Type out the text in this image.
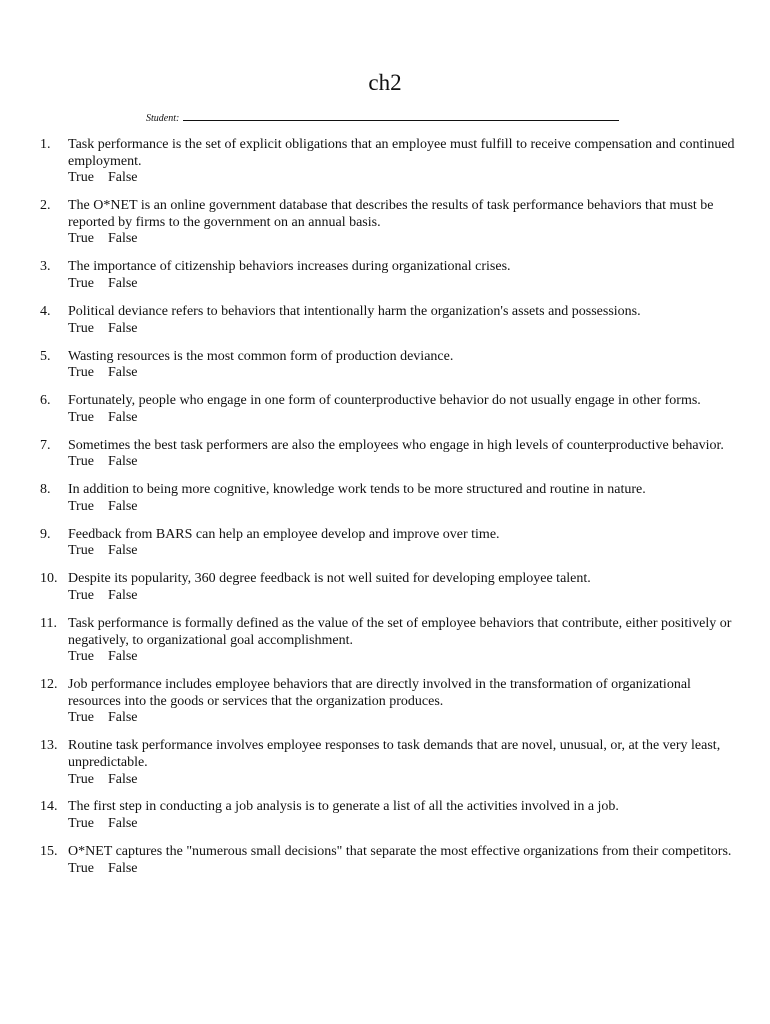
ch2
Student:
1.	Task performance is the set of explicit obligations that an employee must fulfill to receive compensation and continued employment.
True False
2.	The O*NET is an online government database that describes the results of task performance behaviors that must be reported by firms to the government on an annual basis.
True False
3.	The importance of citizenship behaviors increases during organizational crises.
True False
4.	Political deviance refers to behaviors that intentionally harm the organization's assets and possessions.
True False
5.	Wasting resources is the most common form of production deviance.
True False
6.	Fortunately, people who engage in one form of counterproductive behavior do not usually engage in other forms.
True False
7.	Sometimes the best task performers are also the employees who engage in high levels of counterproductive behavior.
True False
8.	In addition to being more cognitive, knowledge work tends to be more structured and routine in nature.
True False
9.	Feedback from BARS can help an employee develop and improve over time.
True False
10. Despite its popularity, 360 degree feedback is not well suited for developing employee talent.
True False
11. Task performance is formally defined as the value of the set of employee behaviors that contribute, either positively or negatively, to organizational goal accomplishment.
True False
12. Job performance includes employee behaviors that are directly involved in the transformation of organizational resources into the goods or services that the organization produces.
True False
13. Routine task performance involves employee responses to task demands that are novel, unusual, or, at the very least, unpredictable.
True False
14. The first step in conducting a job analysis is to generate a list of all the activities involved in a job.
True False
15. O*NET captures the "numerous small decisions" that separate the most effective organizations from their competitors.
True False
